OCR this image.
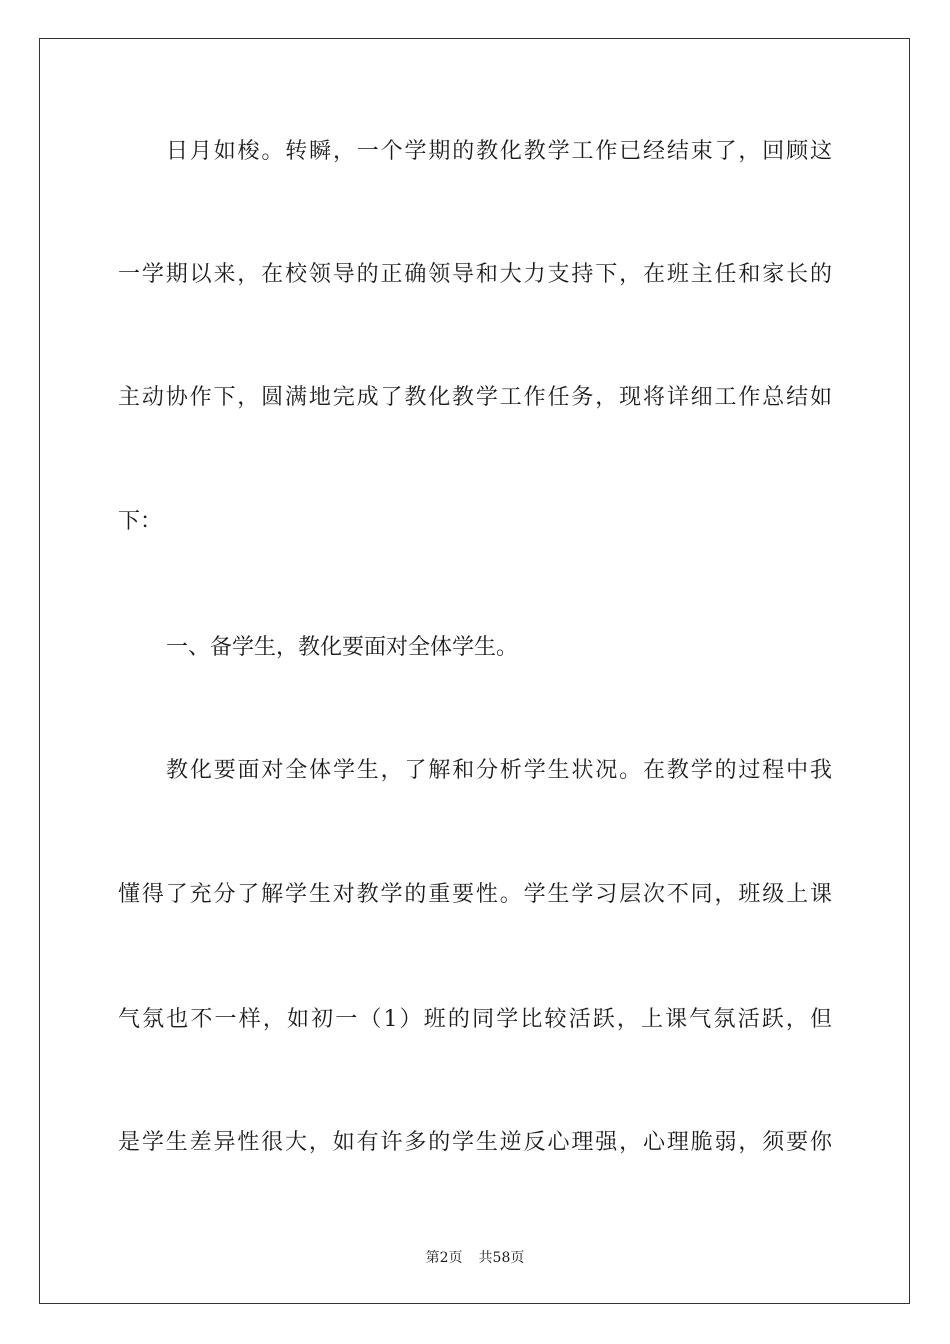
日月如梭。转瞬，一个学期的教化教学工作已经结束了，回顾这
一学期以来，在校领导的正确领导和大力支持下，在班主任和家长的
主动协作下，圆满地完成了教化教学工作任务，现将详细工作总结如
下：
一、备学生，教化要面对全体学生。
教化要面对全体学生，了解和分析学生状况。在教学的过程中我
懂得了充分了解学生对教学的重要性。学生学习层次不同，班级上课
气氛也不一样，如初一（1）班的同学比较活跃，上课气氛活跃，但
是学生差异性很大，如有许多的学生逆反心理强，心理脆弱，须要你
第2页 共58页
